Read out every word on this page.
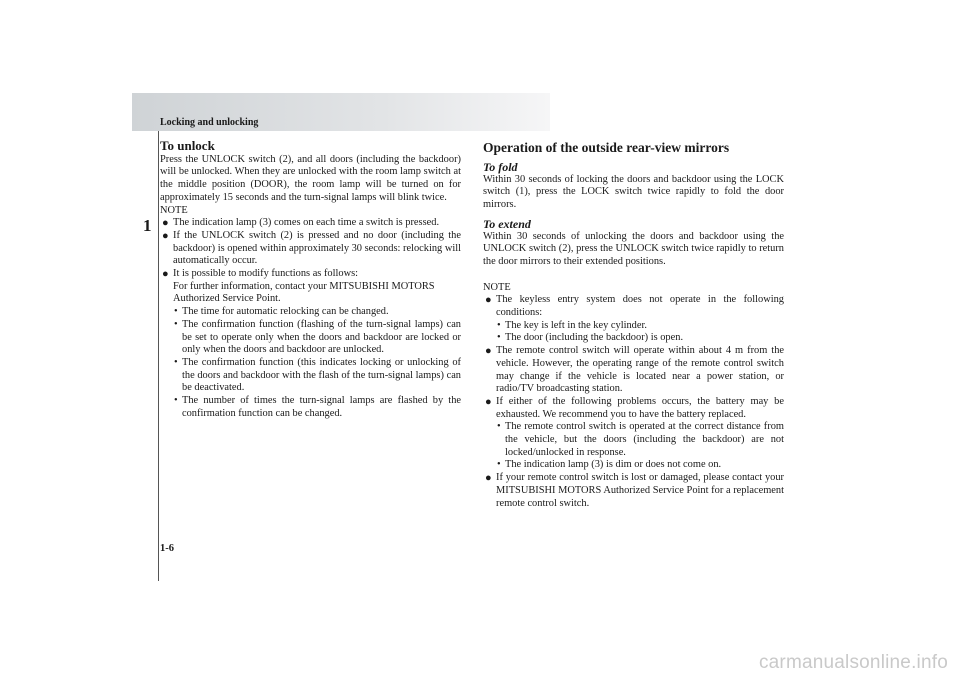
Locking and unlocking
1
To unlock

Press the UNLOCK switch (2), and all doors (including the backdoor) will be unlocked. When they are unlocked with the room lamp switch at the middle position (DOOR), the room lamp will be turned on for approximately 15 seconds and the turn-signal lamps will blink twice.

NOTE

● The indication lamp (3) comes on each time a switch is pressed.
● If the UNLOCK switch (2) is pressed and no door (including the backdoor) is opened within approximately 30 seconds: relocking will automatically occur.
● It is possible to modify functions as follows:
For further information, contact your MITSUBISHI MOTORS Authorized Service Point.
• The time for automatic relocking can be changed.
• The confirmation function (flashing of the turn-signal lamps) can be set to operate only when the doors and backdoor are locked or only when the doors and backdoor are unlocked.
• The confirmation function (this indicates locking or unlocking of the doors and backdoor with the flash of the turn-signal lamps) can be deactivated.
• The number of times the turn-signal lamps are flashed by the confirmation function can be changed.
Operation of the outside rear-view mirrors
To fold

Within 30 seconds of locking the doors and backdoor using the LOCK switch (1), press the LOCK switch twice rapidly to fold the door mirrors.

To extend

Within 30 seconds of unlocking the doors and backdoor using the UNLOCK switch (2), press the UNLOCK switch twice rapidly to return the door mirrors to their extended positions.

NOTE

● The keyless entry system does not operate in the following conditions:
• The key is left in the key cylinder.
• The door (including the backdoor) is open.
● The remote control switch will operate within about 4 m from the vehicle. However, the operating range of the remote control switch may change if the vehicle is located near a power station, or radio/TV broadcasting station.
● If either of the following problems occurs, the battery may be exhausted. We recommend you to have the battery replaced.
• The remote control switch is operated at the correct distance from the vehicle, but the doors (including the backdoor) are not locked/unlocked in response.
• The indication lamp (3) is dim or does not come on.
● If your remote control switch is lost or damaged, please contact your MITSUBISHI MOTORS Authorized Service Point for a replacement remote control switch.
1-6
carmanualsonline.info
